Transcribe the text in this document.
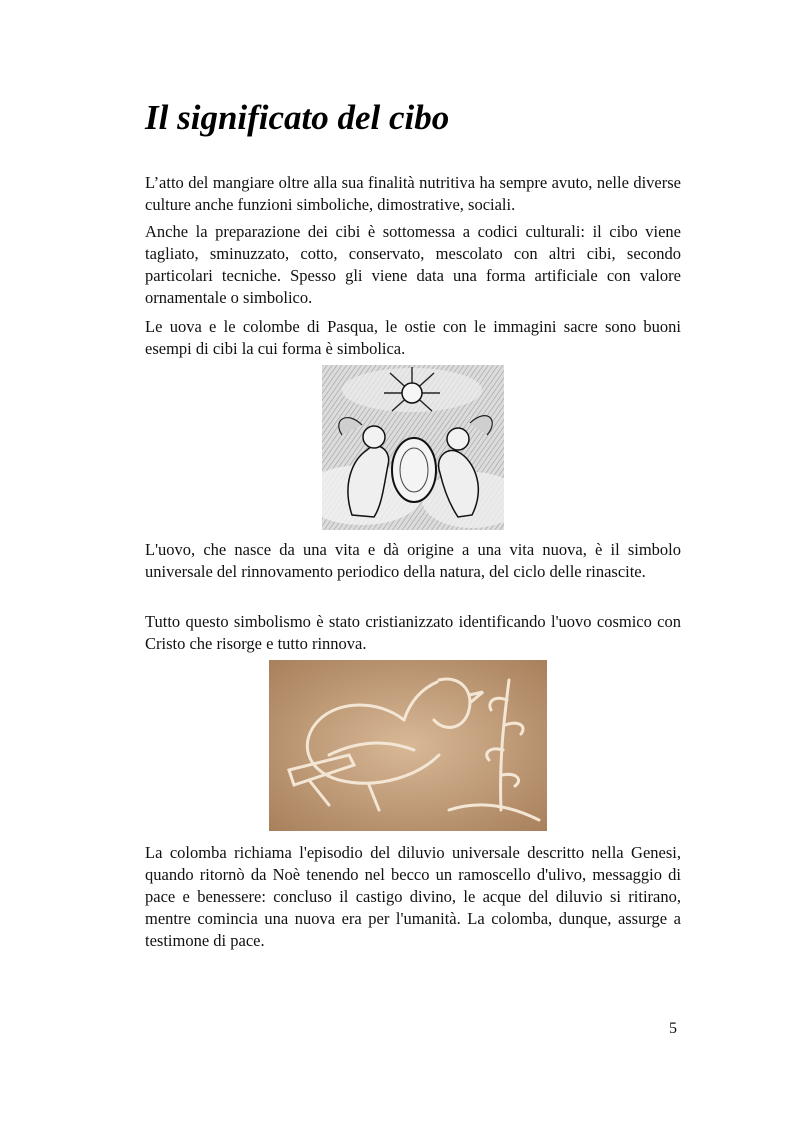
Il significato del cibo

L’atto del mangiare oltre alla sua finalità nutritiva ha sempre avuto, nelle diverse culture anche funzioni simboliche, dimostrative, sociali.

Anche la preparazione dei cibi è sottomessa a codici culturali: il cibo viene tagliato, sminuzzato, cotto, conservato, mescolato con altri cibi, secondo particolari tecniche. Spesso gli viene data una forma artificiale con valore ornamentale o simbolico.

Le uova e le colombe di Pasqua, le ostie con le immagini sacre sono buoni esempi di cibi la cui forma è simbolica.

L'uovo, che nasce da una vita e dà origine a una vita nuova, è il simbolo universale del rinnovamento periodico della natura, del ciclo delle rinascite.

Tutto questo simbolismo è stato cristianizzato identificando l'uovo cosmico con Cristo che risorge e tutto rinnova.

La colomba richiama l'episodio del diluvio universale descritto nella Genesi, quando ritornò da Noè tenendo nel becco un ramoscello d'ulivo, messaggio di pace e benessere: concluso il castigo divino, le acque del diluvio si ritirano, mentre comincia una nuova era per l'umanità. La colomba, dunque, assurge a testimone di pace.

5
